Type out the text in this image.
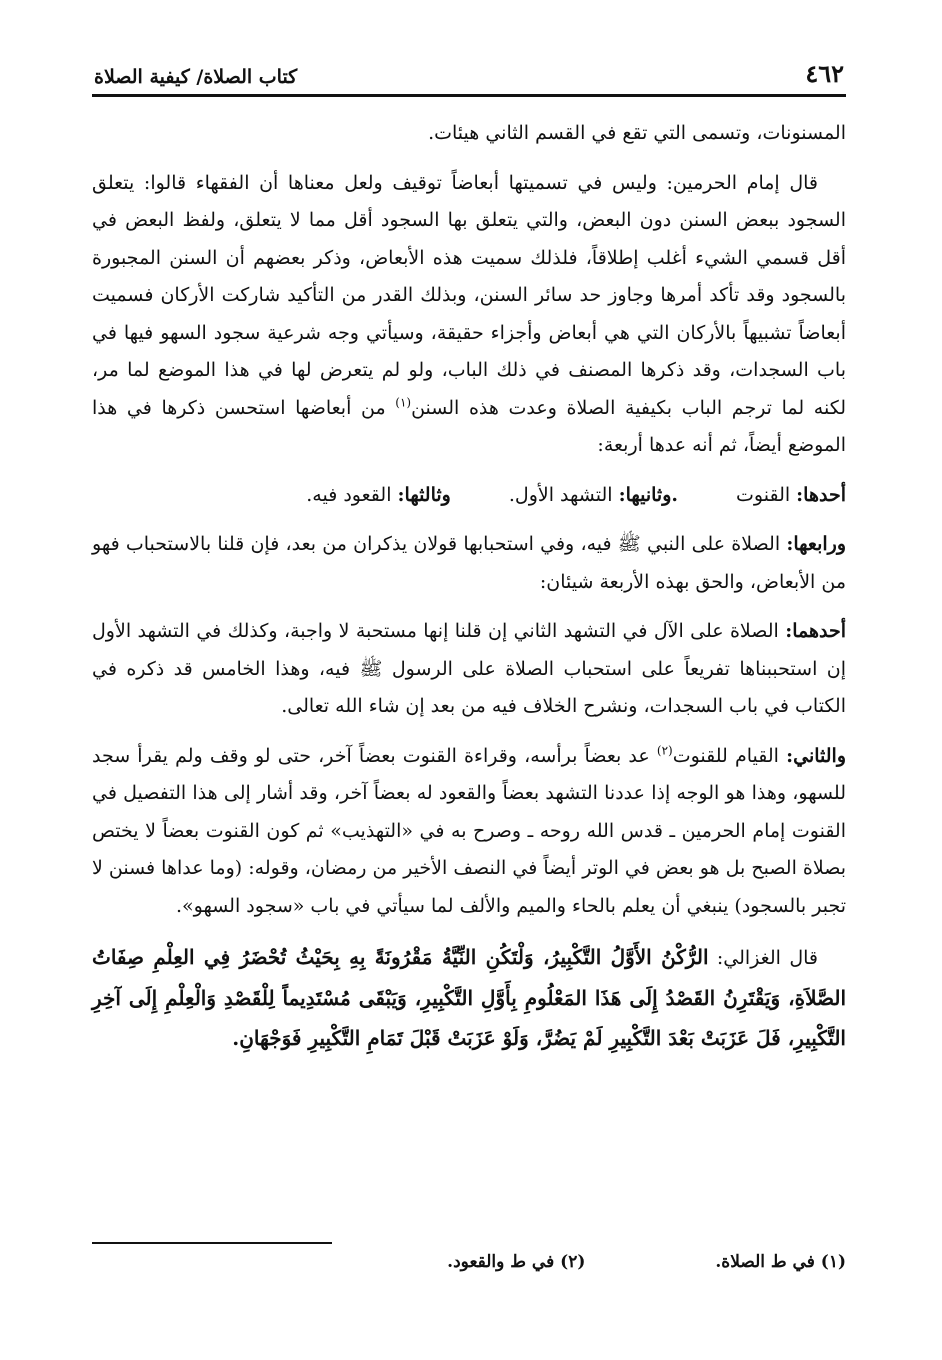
٤٦٢
كتاب الصلاة/ كيفية الصلاة

المسنونات، وتسمى التي تقع في القسم الثاني هيئات.

قال إمام الحرمين: وليس في تسميتها أبعاضاً توقيف ولعل معناها أن الفقهاء قالوا: يتعلق السجود ببعض السنن دون البعض، والتي يتعلق بها السجود أقل مما لا يتعلق، ولفظ البعض في أقل قسمي الشيء أغلب إطلاقاً، فلذلك سميت هذه الأبعاض، وذكر بعضهم أن السنن المجبورة بالسجود وقد تأكد أمرها وجاوز حد سائر السنن، وبذلك القدر من التأكيد شاركت الأركان فسميت أبعاضاً تشبيهاً بالأركان التي هي أبعاض وأجزاء حقيقة، وسيأتي وجه شرعية سجود السهو فيها في باب السجدات، وقد ذكرها المصنف في ذلك الباب، ولو لم يتعرض لها في هذا الموضع لما مر، لكنه لما ترجم الباب بكيفية الصلاة وعدت هذه السنن$^{(١)}$ من أبعاضها استحسن ذكرها في هذا الموضع أيضاً، ثم أنه عدها أربعة:

أحدها: القنوت
.وثانيها: التشهد الأول.
وثالثها: القعود فيه.

ورابعها: الصلاة على النبي ﷺ فيه، وفي استحبابها قولان يذكران من بعد، فإن قلنا بالاستحباب فهو من الأبعاض، والحق بهذه الأربعة شيئان:

أحدهما: الصلاة على الآل في التشهد الثاني إن قلنا إنها مستحبة لا واجبة، وكذلك في التشهد الأول إن استحببناها تفريعاً على استحباب الصلاة على الرسول ﷺ فيه، وهذا الخامس قد ذكره في الكتاب في باب السجدات، ونشرح الخلاف فيه من بعد إن شاء الله تعالى.

والثاني: القيام للقنوت$^{(٢)}$ عد بعضاً برأسه، وقراءة القنوت بعضاً آخر، حتى لو وقف ولم يقرأ سجد للسهو، وهذا هو الوجه إذا عددنا التشهد بعضاً والقعود له بعضاً آخر، وقد أشار إلى هذا التفصيل في القنوت إمام الحرمين ـ قدس الله روحه ـ وصرح به في «التهذيب» ثم كون القنوت بعضاً لا يختص بصلاة الصبح بل هو بعض في الوتر أيضاً في النصف الأخير من رمضان، وقوله: (وما عداها فسنن لا تجبر بالسجود) ينبغي أن يعلم بالحاء والميم والألف لما سيأتي في باب «سجود السهو».

قال الغزالي: الرُّكْنُ الأَوَّلُ التَّكْبِيرُ، وَلْتَكُنِ النِّيَّةُ مَقْرُونَةً بِهِ بِحَيْثُ تُحْضَرُ فِي العِلْمِ صِفَاتُ الصَّلاَةِ، وَيَقْتَرِنُ القَصْدُ إِلَى هَذَا المَعْلُومِ بِأَوَّلِ التَّكْبِيرِ، وَيَبْقَى مُسْتَدِيماً لِلْقَصْدِ وَالْعِلْمِ إِلَى آخِرِ التَّكْبِيرِ، فَلَ عَزَبَتْ بَعْدَ التَّكْبِيرِ لَمْ يَضُرَّ، وَلَوْ عَزَبَتْ قَبْلَ تَمَامِ التَّكْبِيرِ فَوَجْهَانِ.

(١) في ط الصلاة.
(٢) في ط والقعود.
